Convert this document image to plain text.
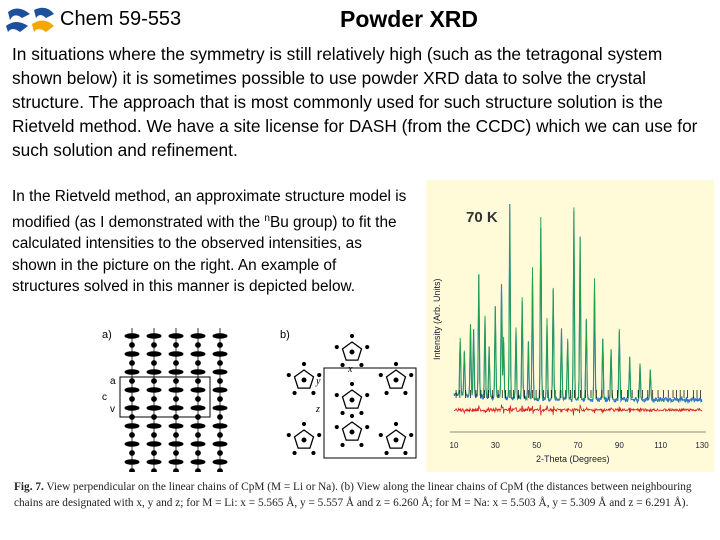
Chem 59-553	Powder XRD
In situations where the symmetry is still relatively high (such as the tetragonal system shown below) it is sometimes possible to use powder XRD data to solve the crystal structure. The approach that is most commonly used for such structure solution is the Rietveld method. We have a site license for DASH (from the CCDC) which we can use for such solution and refinement.
In the Rietveld method, an approximate structure model is modified (as I demonstrated with the $^n$Bu group) to fit the calculated intensities to the observed intensities, as shown in the picture on the right. An example of structures solved in this manner is depicted below.
a)	b)
a
c
v
x
y
z
70 K
Intensity (Arb. Units)
2-Theta (Degrees)
10	30	50	70	90	110	130
Fig. 7. View perpendicular on the linear chains of CpM (M = Li or Na). (b) View along the linear chains of CpM (the distances between neighbouring chains are designated with x, y and z; for M = Li: x = 5.565 Å, y = 5.557 Å and z = 6.260 Å; for M = Na: x = 5.503 Å, y = 5.309 Å and z = 6.291 Å).
